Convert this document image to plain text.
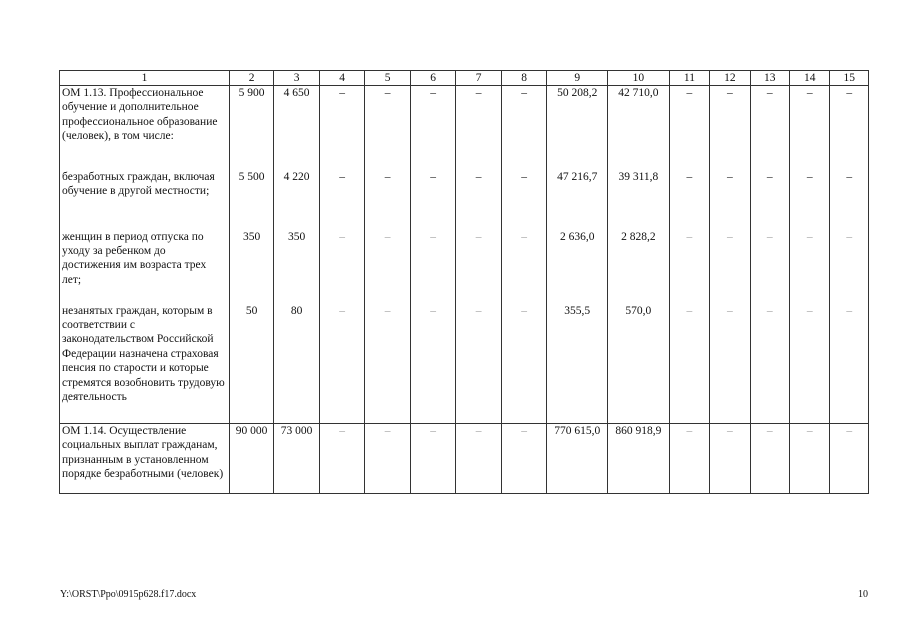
1	2	3	4	5	6	7	8	9	10	11	12	13	14	15
ОМ 1.13. Профессиональное обучение и дополнительное профессиональное образование (человек), в том числе:	5 900	4 650	–	–	–	–	–	50 208,2	42 710,0	–	–	–	–	–
безработных граждан, включая обучение в другой местности;	5 500	4 220	–	–	–	–	–	47 216,7	39 311,8	–	–	–	–	–
женщин в период отпуска по уходу за ребенком до достижения им возраста трех лет;	350	350	–	–	–	–	–	2 636,0	2 828,2	–	–	–	–	–
незанятых граждан, которым в соответствии с законодательством Российской Федерации назначена страховая пенсия по старости и которые стремятся возобновить трудовую деятельность	50	80	–	–	–	–	–	355,5	570,0	–	–	–	–	–
ОМ 1.14. Осуществление социальных выплат гражданам, признанным в установленном порядке безработными (человек)	90 000	73 000	–	–	–	–	–	770 615,0	860 918,9	–	–	–	–	–
Y:\ORST\Ppo\0915p628.f17.docx	10
